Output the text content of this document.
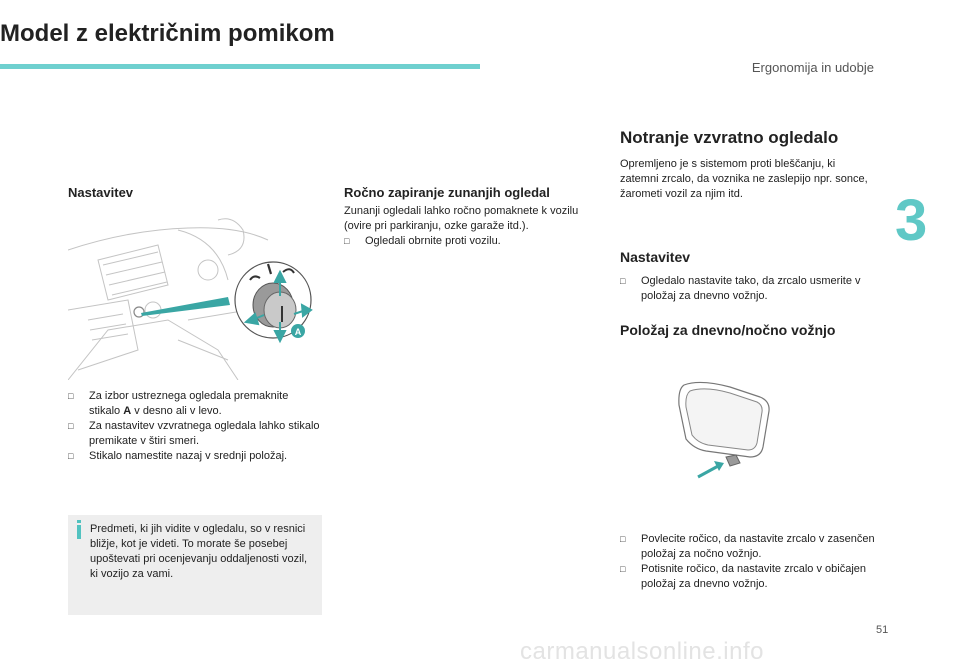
Ergonomija in udobje
3
Model z električnim pomikom
Nastavitev
A
□ Za izbor ustreznega ogledala premaknite stikalo A v desno ali v levo.
□ Za nastavitev vzvratnega ogledala lahko stikalo premikate v štiri smeri.
□ Stikalo namestite nazaj v srednji položaj.

Predmeti, ki jih vidite v ogledalu, so v resnici bližje, kot je videti. To morate še posebej upoštevati pri ocenjevanju oddaljenosti vozil, ki vozijo za vami.

Ročno zapiranje zunanjih ogledal

Zunanji ogledali lahko ročno pomaknete k vozilu (ovire pri parkiranju, ozke garaže itd.).

□ Ogledali obrnite proti vozilu.
Notranje vzvratno ogledalo

Opremljeno je s sistemom proti bleščanju, ki zatemni zrcalo, da voznika ne zaslepijo npr. sonce, žarometi vozil za njim itd.

Nastavitev
□ Ogledalo nastavite tako, da zrcalo usmerite v položaj za dnevno vožnjo.
Položaj za dnevno/nočno vožnjo
□ Povlecite ročico, da nastavite zrcalo v zasenčen položaj za nočno vožnjo.
□ Potisnite ročico, da nastavite zrcalo v običajen položaj za dnevno vožnjo.
51
carmanualsonline.info
